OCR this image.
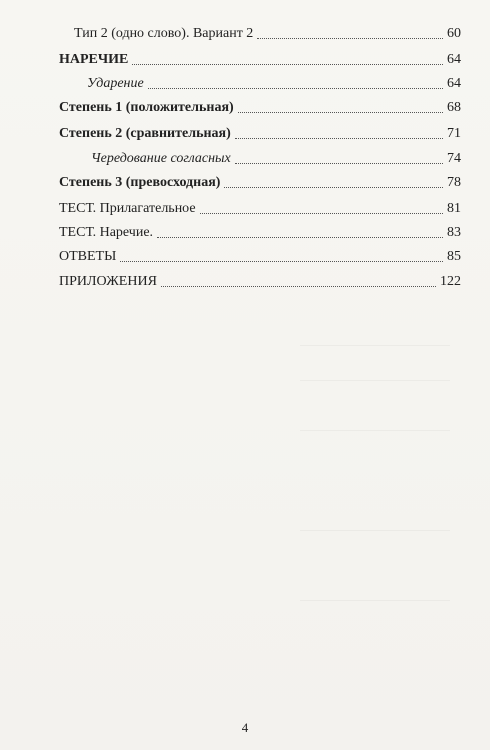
Тип 2 (одно слово). Вариант 2	60
НАРЕЧИЕ	64
Ударение	64
Степень 1 (положительная)	68
Степень 2 (сравнительная)	71
Чередование согласных	74
Степень 3 (превосходная)	78
ТЕСТ. Прилагательное	81
ТЕСТ. Наречие.	83
ОТВЕТЫ	85
ПРИЛОЖЕНИЯ	122
4
